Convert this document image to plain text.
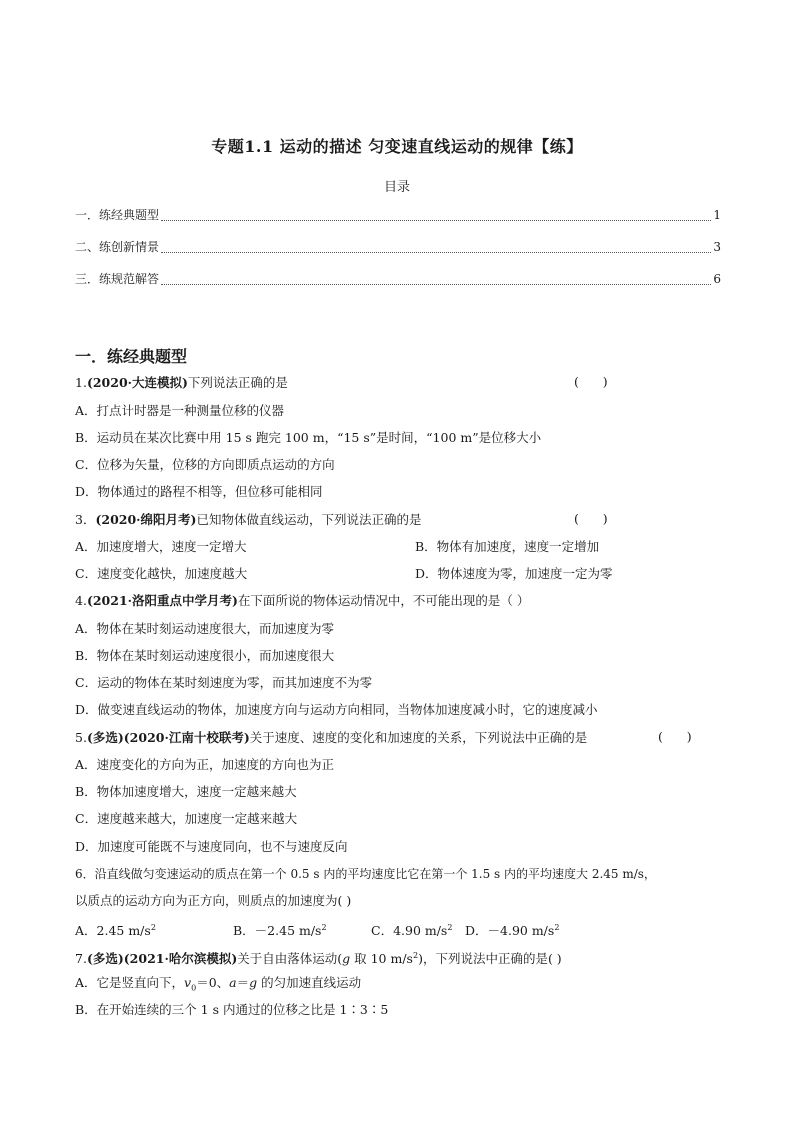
专题1.1 运动的描述 匀变速直线运动的规律【练】
目录
一．练经典题型	1
二、练创新情景	3
三．练规范解答	6
一．练经典题型
1.(2020·大连模拟)下列说法正确的是	(      )
A．打点计时器是一种测量位移的仪器
B．运动员在某次比赛中用 15 s 跑完 100 m，“15 s”是时间，“100 m”是位移大小
C．位移为矢量，位移的方向即质点运动的方向
D．物体通过的路程不相等，但位移可能相同
3．(2020·绵阳月考)已知物体做直线运动，下列说法正确的是	(      )
A．加速度增大，速度一定增大	B．物体有加速度，速度一定增加
C．速度变化越快，加速度越大	D．物体速度为零，加速度一定为零
4.(2021·洛阳重点中学月考)在下面所说的物体运动情况中，不可能出现的是（ ）
A．物体在某时刻运动速度很大，而加速度为零
B．物体在某时刻运动速度很小，而加速度很大
C．运动的物体在某时刻速度为零，而其加速度不为零
D．做变速直线运动的物体，加速度方向与运动方向相同，当物体加速度减小时，它的速度减小
5.(多选)(2020·江南十校联考)关于速度、速度的变化和加速度的关系，下列说法中正确的是	(      )
A．速度变化的方向为正，加速度的方向也为正
B．物体加速度增大，速度一定越来越大
C．速度越来越大，加速度一定越来越大
D．加速度可能既不与速度同向，也不与速度反向
6．沿直线做匀变速运动的质点在第一个 0.5 s 内的平均速度比它在第一个 1.5 s 内的平均速度大 2.45 m/s，
以质点的运动方向为正方向，则质点的加速度为( )
A．2.45 $m/s^2$	B．－2.45 $m/s^2$	C．4.90 $m/s^2$ D．－4.90 $m/s^2$
7.(多选)(2021·哈尔滨模拟)关于自由落体运动(g 取 10 $m/s^2$)，下列说法中正确的是( )
A．它是竖直向下，$v_0=0$、a＝g 的匀加速直线运动
B．在开始连续的三个 1 s 内通过的位移之比是 1∶3∶5
